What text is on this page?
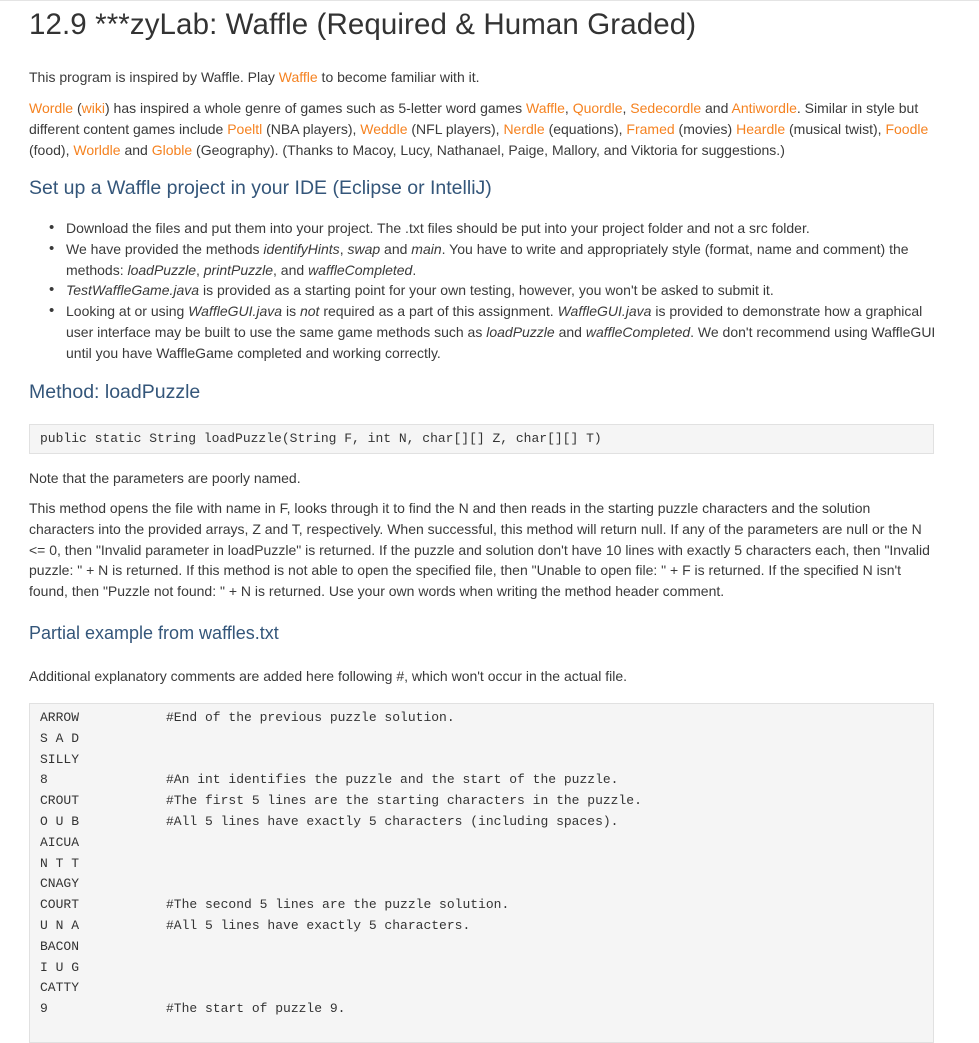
12.9 ***zyLab: Waffle (Required & Human Graded)

This program is inspired by Waffle. Play Waffle to become familiar with it.

Wordle (wiki) has inspired a whole genre of games such as 5-letter word games Waffle, Quordle, Sedecordle and Antiwordle. Similar in style but different content games include Poeltl (NBA players), Weddle (NFL players), Nerdle (equations), Framed (movies) Heardle (musical twist), Foodle (food), Worldle and Globle (Geography). (Thanks to Macoy, Lucy, Nathanael, Paige, Mallory, and Viktoria for suggestions.)

Set up a Waffle project in your IDE (Eclipse or IntelliJ)
• Download the files and put them into your project. The .txt files should be put into your project folder and not a src folder.
• We have provided the methods identifyHints, swap and main. You have to write and appropriately style (format, name and comment) the methods: loadPuzzle, printPuzzle, and waffleCompleted.
• TestWaffleGame.java is provided as a starting point for your own testing, however, you won't be asked to submit it.
• Looking at or using WaffleGUI.java is not required as a part of this assignment. WaffleGUI.java is provided to demonstrate how a graphical user interface may be built to use the same game methods such as loadPuzzle and waffleCompleted. We don't recommend using WaffleGUI until you have WaffleGame completed and working correctly.
Method: loadPuzzle
public static String loadPuzzle(String F, int N, char[][] Z, char[][] T)

Note that the parameters are poorly named.

This method opens the file with name in F, looks through it to find the N and then reads in the starting puzzle characters and the solution characters into the provided arrays, Z and T, respectively. When successful, this method will return null. If any of the parameters are null or the N <= 0, then "Invalid parameter in loadPuzzle" is returned. If the puzzle and solution don't have 10 lines with exactly 5 characters each, then "Invalid puzzle: " + N is returned. If this method is not able to open the specified file, then "Unable to open file: " + F is returned. If the specified N isn't found, then "Puzzle not found: " + N is returned. Use your own words when writing the method header comment.

Partial example from waffles.txt

Additional explanatory comments are added here following #, which won't occur in the actual file.

ARROW	#End of the previous puzzle solution.
S A D
SILLY
8	#An int identifies the puzzle and the start of the puzzle.
CROUT	#The first 5 lines are the starting characters in the puzzle.
O U B	#All 5 lines have exactly 5 characters (including spaces).
AICUA
N T T
CNAGY
COURT	#The second 5 lines are the puzzle solution.
U N A	#All 5 lines have exactly 5 characters.
BACON
I U G
CATTY
9	#The start of puzzle 9.
